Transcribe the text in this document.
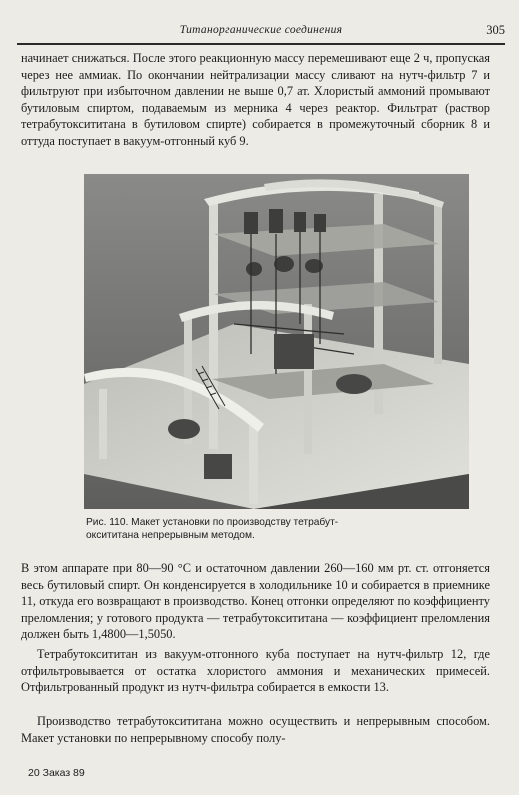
Титанорганические соединения	305

начинает снижаться. После этого реакционную массу перемешивают еще 2 ч, пропуская через нее аммиак. По окончании нейтрализации массу сливают на нутч-фильтр 7 и фильтруют при избыточном давлении не выше 0,7 ат. Хлористый аммоний промывают бутиловым спиртом, подаваемым из мерника 4 через реактор. Фильтрат (раствор тетрабутоксититана в бутиловом спирте) собирается в промежуточный сборник 8 и оттуда поступает в вакуум-отгонный куб 9.

Рис. 110. Макет установки по производству тетрабут-

оксититана непрерывным методом.

В этом аппарате при 80—90 °С и остаточном давлении 260—160 мм рт. ст. отгоняется весь бутиловый спирт. Он конденсируется в холодильнике 10 и собирается в приемнике 11, откуда его возвращают в производство. Конец отгонки определяют по коэффициенту преломления; у готового продукта — тетрабутоксититана — коэффициент преломления должен быть 1,4800—1,5050.

Тетрабутоксититан из вакуум-отгонного куба поступает на нутч-фильтр 12, где отфильтровывается от остатка хлористого аммония и механических примесей. Отфильтрованный продукт из нутч-фильтра собирается в емкости 13.

Производство тетрабутоксититана можно осуществить и непрерывным способом. Макет установки по непрерывному способу полу-

20 Заказ 89
